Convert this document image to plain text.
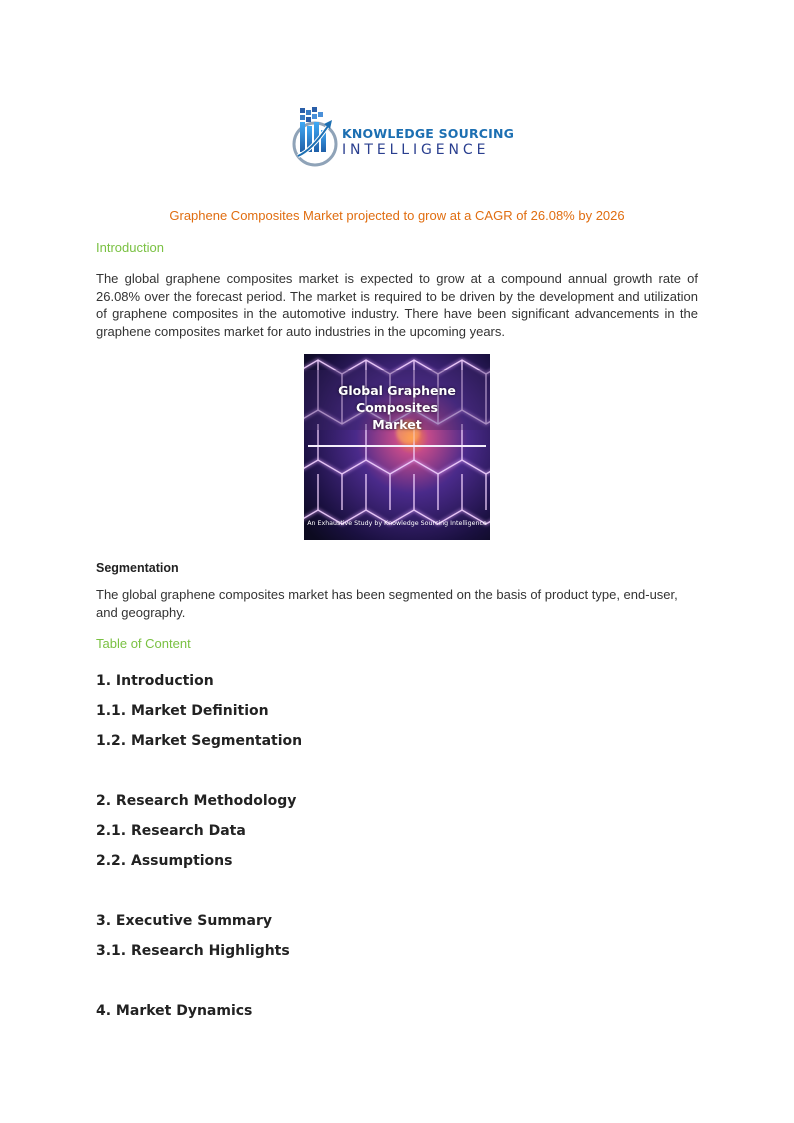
KNOWLEDGE SOURCING
INTELLIGENCE
Graphene Composites Market projected to grow at a CAGR of 26.08% by 2026
Introduction
The global graphene composites market is expected to grow at a compound annual growth rate of 26.08% over the forecast period. The market is required to be driven by the development and utilization of graphene composites in the automotive industry. There have been significant advancements in the graphene composites market for auto industries in the upcoming years.
Global Graphene Composites
Market
An Exhaustive Study by Knowledge Sourcing Intelligence
Segmentation
The global graphene composites market has been segmented on the basis of product type, end-user, and geography.
Table of Content
1. Introduction
1.1. Market Definition
1.2. Market Segmentation
2. Research Methodology
2.1. Research Data
2.2. Assumptions
3. Executive Summary
3.1. Research Highlights
4. Market Dynamics
